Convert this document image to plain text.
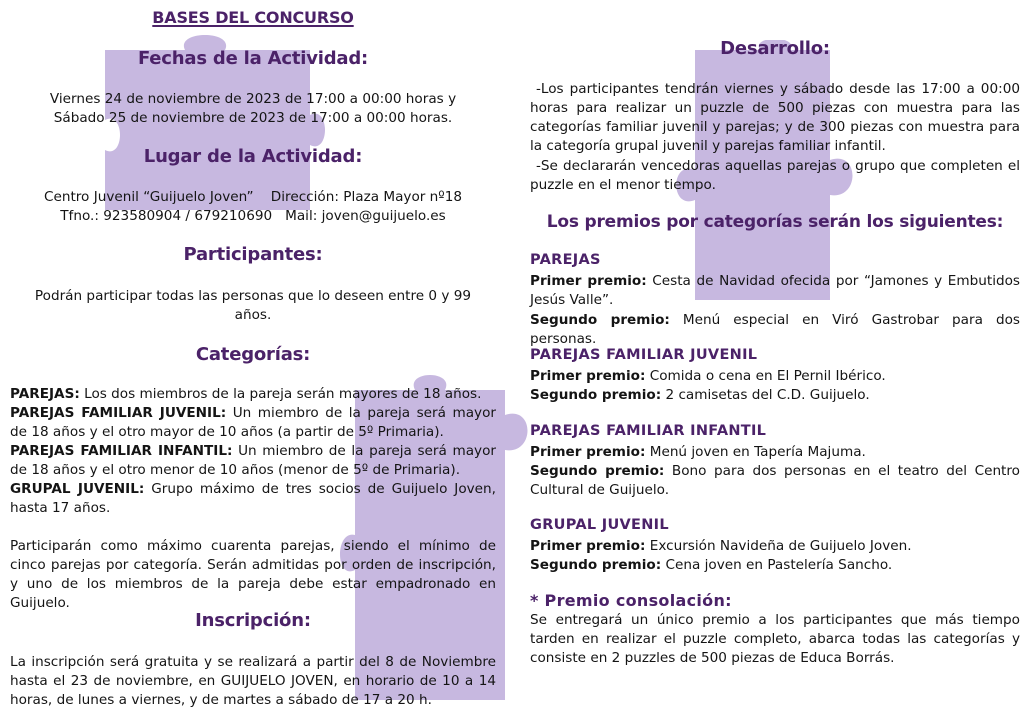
BASES DEL CONCURSO
Fechas de la Actividad:
Viernes 24 de noviembre de 2023 de 17:00 a 00:00 horas y
Sábado 25 de noviembre de 2023 de 17:00 a 00:00 horas.
Lugar de la Actividad:
Centro Juvenil “Guijuelo Joven”    Dirección: Plaza Mayor nº18
Tfno.: 923580904 / 679210690   Mail: joven@guijuelo.es
Participantes:
Podrán participar todas las personas que lo deseen entre 0 y 99 años.
Categorías:
PAREJAS: Los dos miembros de la pareja serán mayores de 18 años.
PAREJAS FAMILIAR JUVENIL: Un miembro de la pareja será mayor de 18 años y el otro mayor de 10 años (a partir de 5º Primaria).
PAREJAS FAMILIAR INFANTIL: Un miembro de la pareja será mayor de 18 años y el otro menor de 10 años (menor de 5º de Primaria).
GRUPAL JUVENIL: Grupo máximo de tres socios de Guijuelo Joven, hasta 17 años.
Participarán como máximo cuarenta parejas, siendo el mínimo de cinco parejas por categoría. Serán admitidas por orden de inscripción, y uno de los miembros de la pareja debe estar empadronado en Guijuelo.
Inscripción:
La inscripción será gratuita y se realizará a partir del 8 de Noviembre hasta el 23 de noviembre, en GUIJUELO JOVEN, en horario de 10 a 14 horas, de lunes a viernes, y de martes a sábado de 17 a 20 h.
Desarrollo:
-Los participantes tendrán viernes y sábado desde las 17:00 a 00:00 horas para realizar un puzzle de 500 piezas con muestra para las categorías familiar juvenil y parejas; y de 300 piezas con muestra para la categoría grupal juvenil y parejas familiar infantil.
-Se declararán vencedoras aquellas parejas o grupo que completen el puzzle en el menor tiempo.
Los premios por categorías serán los siguientes:
PAREJAS
Primer premio: Cesta de Navidad ofecida por “Jamones y Embutidos Jesús Valle”.
Segundo premio: Menú especial en Viró Gastrobar para dos personas.
PAREJAS FAMILIAR JUVENIL
Primer premio: Comida o cena en El Pernil Ibérico.
Segundo premio: 2 camisetas del C.D. Guijuelo.
PAREJAS FAMILIAR INFANTIL
Primer premio: Menú joven en Tapería Majuma.
Segundo premio: Bono para dos personas en el teatro del Centro Cultural de Guijuelo.
GRUPAL JUVENIL
Primer premio: Excursión Navideña de Guijuelo Joven.
Segundo premio: Cena joven en Pastelería Sancho.
* Premio consolación:
Se entregará un único premio a los participantes que más tiempo tarden en realizar el puzzle completo, abarca todas las categorías y consiste en 2 puzzles de 500 piezas de Educa Borrás.
